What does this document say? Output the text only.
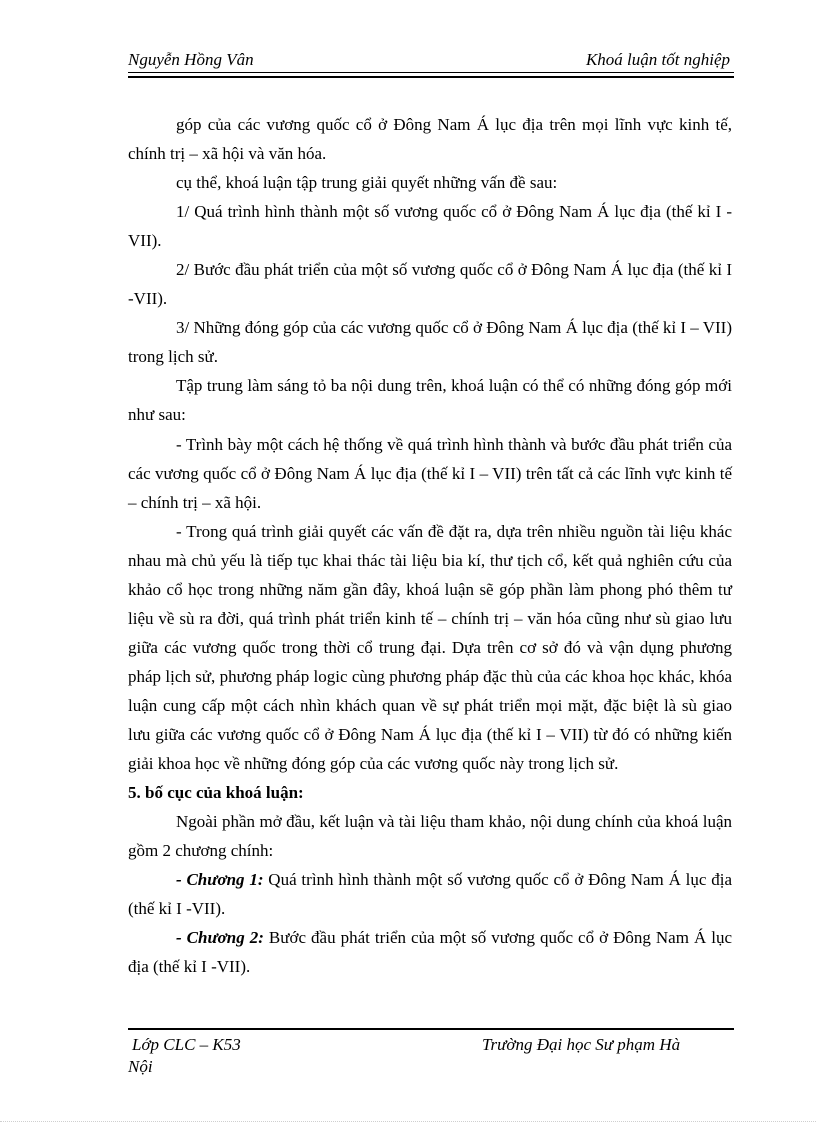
Nguyễn Hồng Vân	Khoá luận tốt nghiệp

góp của các vương quốc cổ ở Đông Nam Á lục địa trên mọi lĩnh vực kinh tế, chính trị – xã hội và văn hóa.

cụ thể, khoá luận tập trung giải quyết những vấn đề sau:

1/ Quá trình hình thành một số vương quốc cổ ở Đông Nam Á lục địa (thế kỉ I -VII).

2/ Bước đầu phát triển của một số vương quốc cổ ở Đông Nam Á lục địa (thế kỉ I -VII).

3/ Những đóng góp của các vương quốc cổ ở Đông Nam Á lục địa (thế kỉ I – VII) trong lịch sử.

Tập trung làm sáng tỏ ba nội dung trên, khoá luận có thể có những đóng góp mới như sau:

- Trình bày một cách hệ thống về quá trình hình thành và bước đầu phát triển của các vương quốc cổ ở Đông Nam Á lục địa (thế kỉ I – VII) trên tất cả các lĩnh vực kinh tế – chính trị – xã hội.

- Trong quá trình giải quyết các vấn đề đặt ra, dựa trên nhiều nguồn tài liệu khác nhau mà chủ yếu là tiếp tục khai thác tài liệu bia kí, thư tịch cổ, kết quả nghiên cứu của khảo cổ học trong những năm gần đây, khoá luận sẽ góp phần làm phong phó thêm tư liệu về sù ra đời, quá trình phát triển kinh tế – chính trị – văn hóa cũng như sù giao lưu giữa các vương quốc trong thời cổ trung đại. Dựa trên cơ sở đó và vận dụng phương pháp lịch sử, phương pháp logic cùng phương pháp đặc thù của các khoa học khác, khóa luận cung cấp một cách nhìn khách quan về sự phát triển mọi mặt, đặc biệt là sù giao lưu giữa các vương quốc cổ ở Đông Nam Á lục địa (thế kỉ I – VII) từ đó có những kiến giải khoa học về những đóng góp của các vương quốc này trong lịch sử.

5. bố cục của khoá luận:

Ngoài phần mở đầu, kết luận và tài liệu tham khảo, nội dung chính của khoá luận gồm 2 chương chính:

- Chương 1: Quá trình hình thành một số vương quốc cổ ở Đông Nam Á lục địa (thế kỉ I -VII).

- Chương 2: Bước đầu phát triển của một số vương quốc cổ ở Đông Nam Á lục địa (thế kỉ I -VII).

Lớp CLC – K53	Trường Đại học Sư phạm Hà
Nội
